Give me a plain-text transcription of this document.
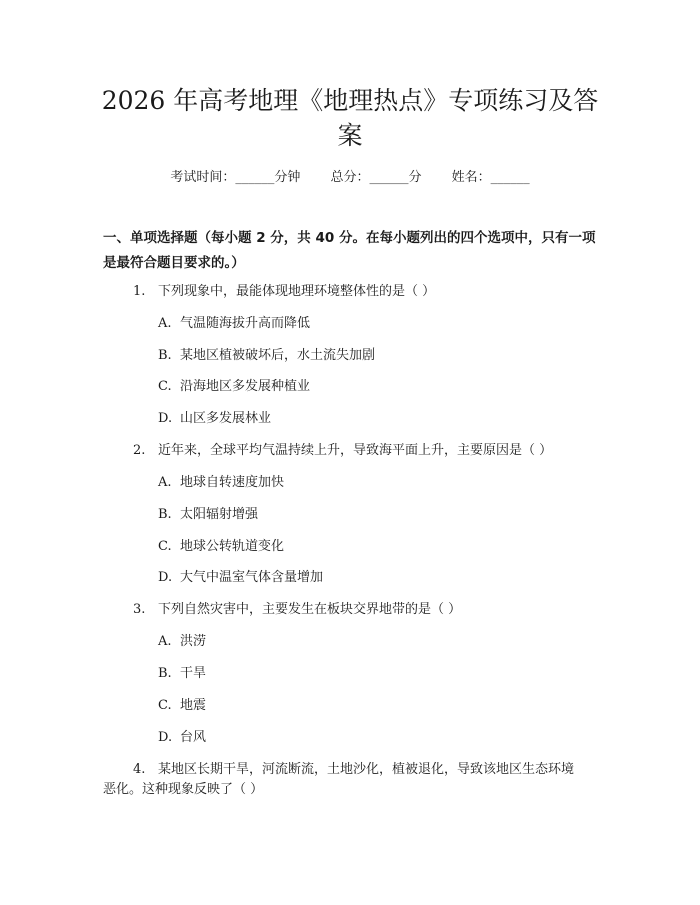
2026 年高考地理《地理热点》专项练习及答
案
考试时间：______分钟 总分：______分 姓名：______
一、单项选择题（每小题 2 分，共 40 分。在每小题列出的四个选项中，只有一项
是最符合题目要求的。）
1. 下列现象中，最能体现地理环境整体性的是（ ）
A. 气温随海拔升高而降低
B. 某地区植被破坏后，水土流失加剧
C. 沿海地区多发展种植业
D. 山区多发展林业
2. 近年来，全球平均气温持续上升，导致海平面上升，主要原因是（ ）
A. 地球自转速度加快
B. 太阳辐射增强
C. 地球公转轨道变化
D. 大气中温室气体含量增加
3. 下列自然灾害中，主要发生在板块交界地带的是（ ）
A. 洪涝
B. 干旱
C. 地震
D. 台风
4. 某地区长期干旱，河流断流，土地沙化，植被退化，导致该地区生态环境
恶化。这种现象反映了（ ）
